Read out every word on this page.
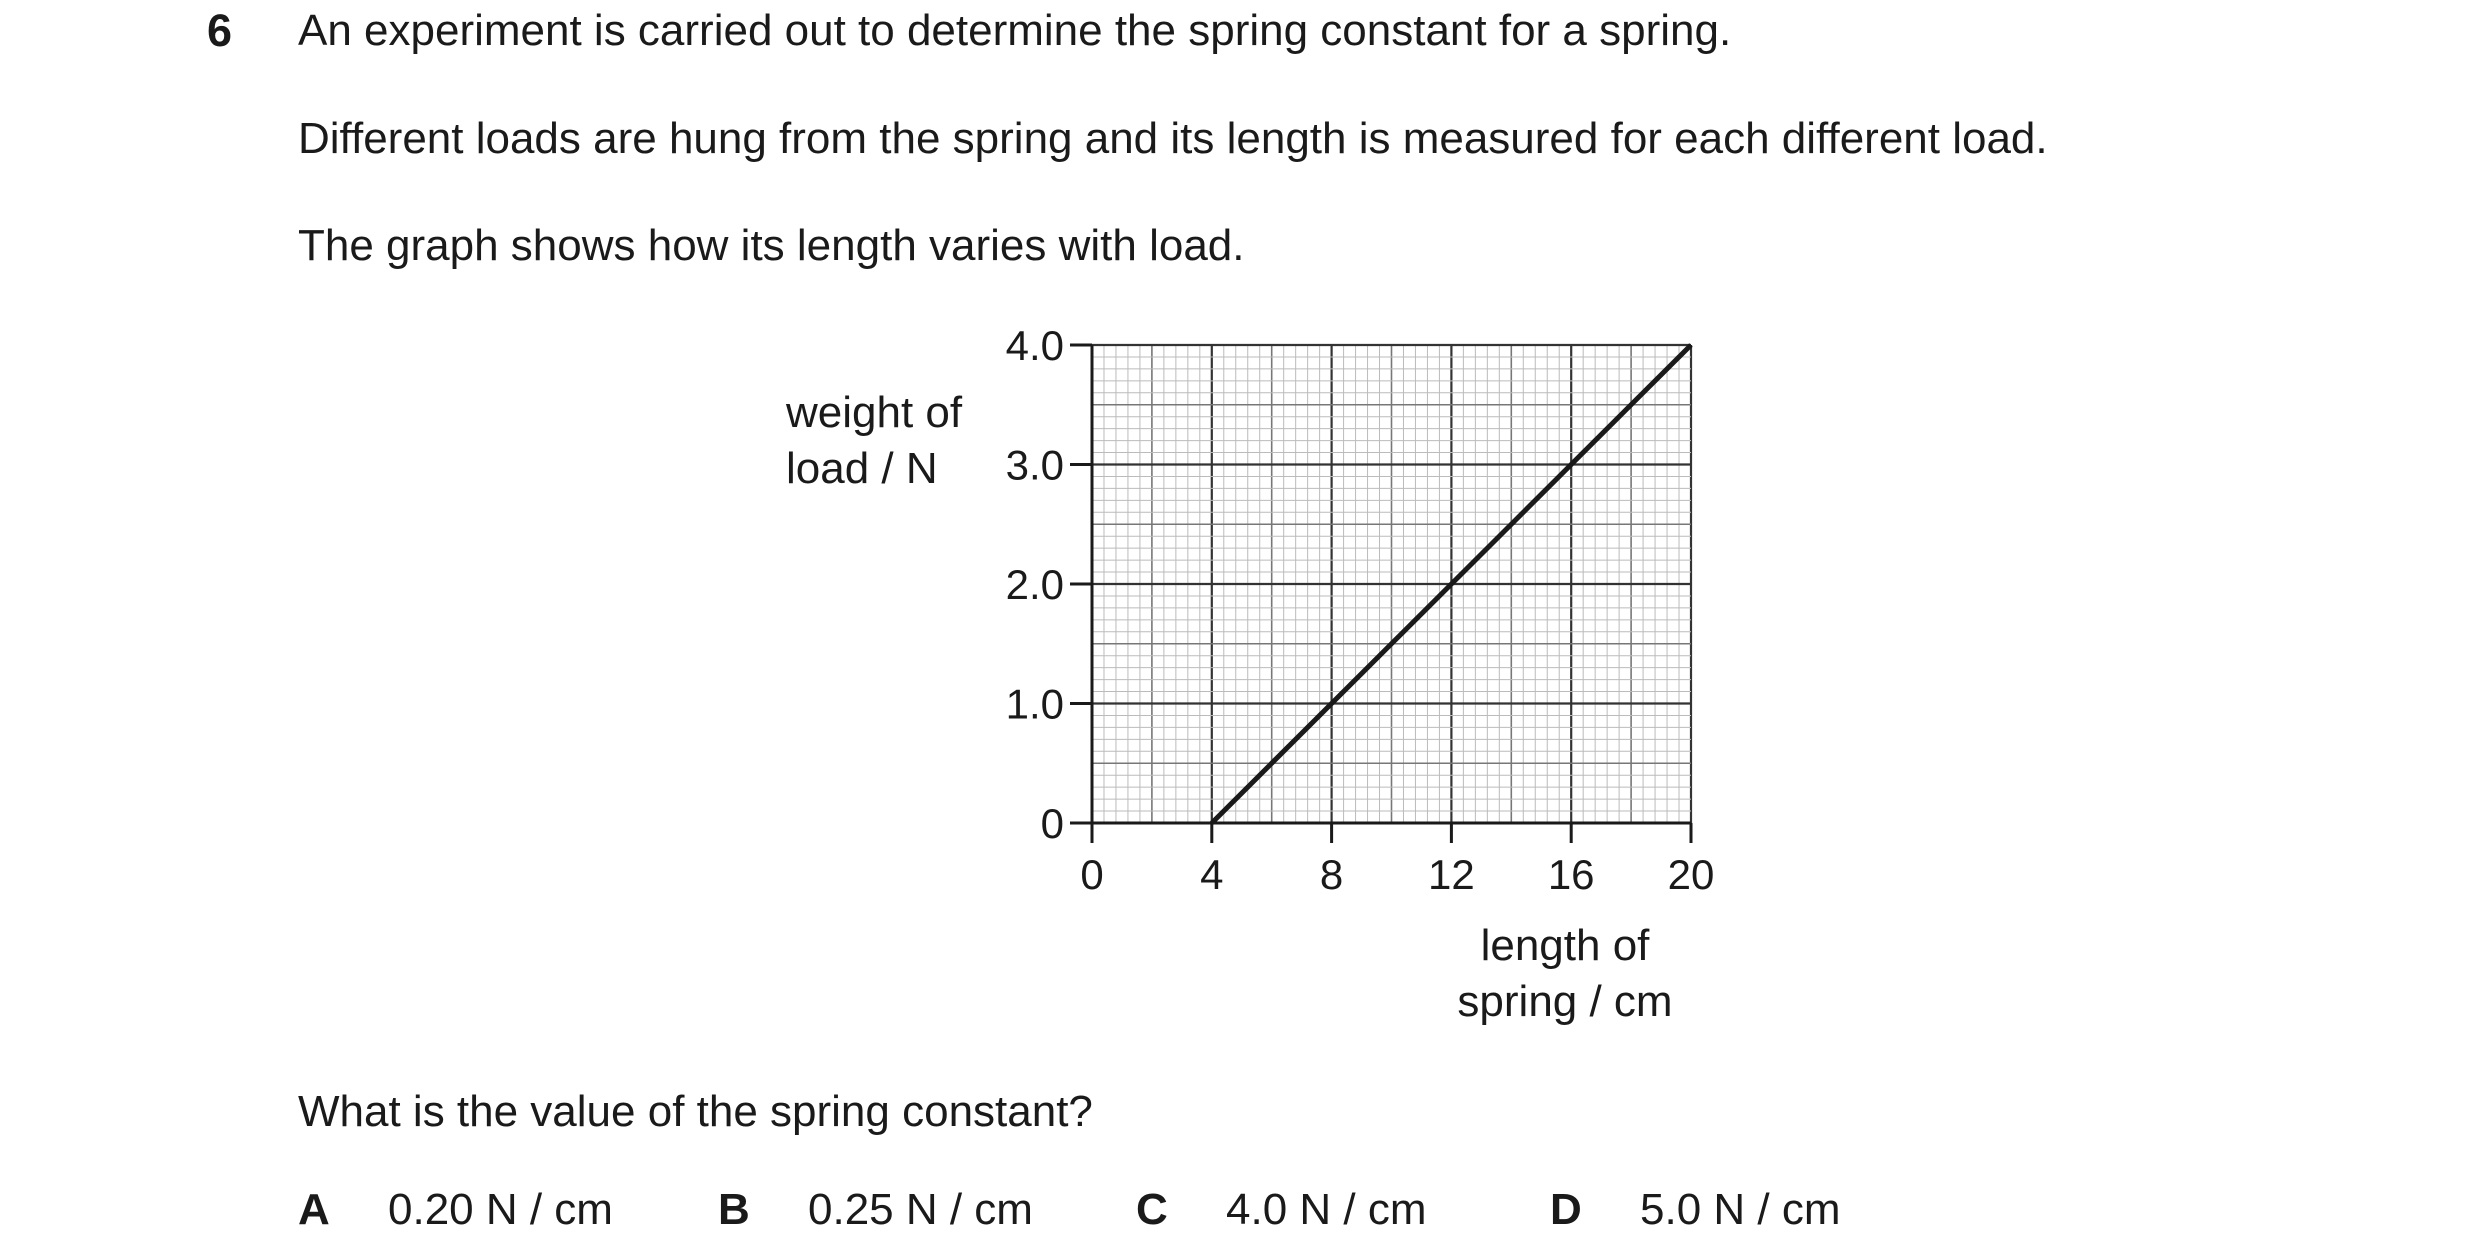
6 An experiment is carried out to determine the spring constant for a spring.
Different loads are hung from the spring and its length is measured for each different load.
The graph shows how its length varies with load.
weight of
load / N
0 4 8 12 16 20
0
1.0
2.0
3.0
4.0
length of
spring / cm
What is the value of the spring constant?
A 0.20 N / cm B 0.25 N / cm C 4.0 N / cm	D 5.0 N / cm
